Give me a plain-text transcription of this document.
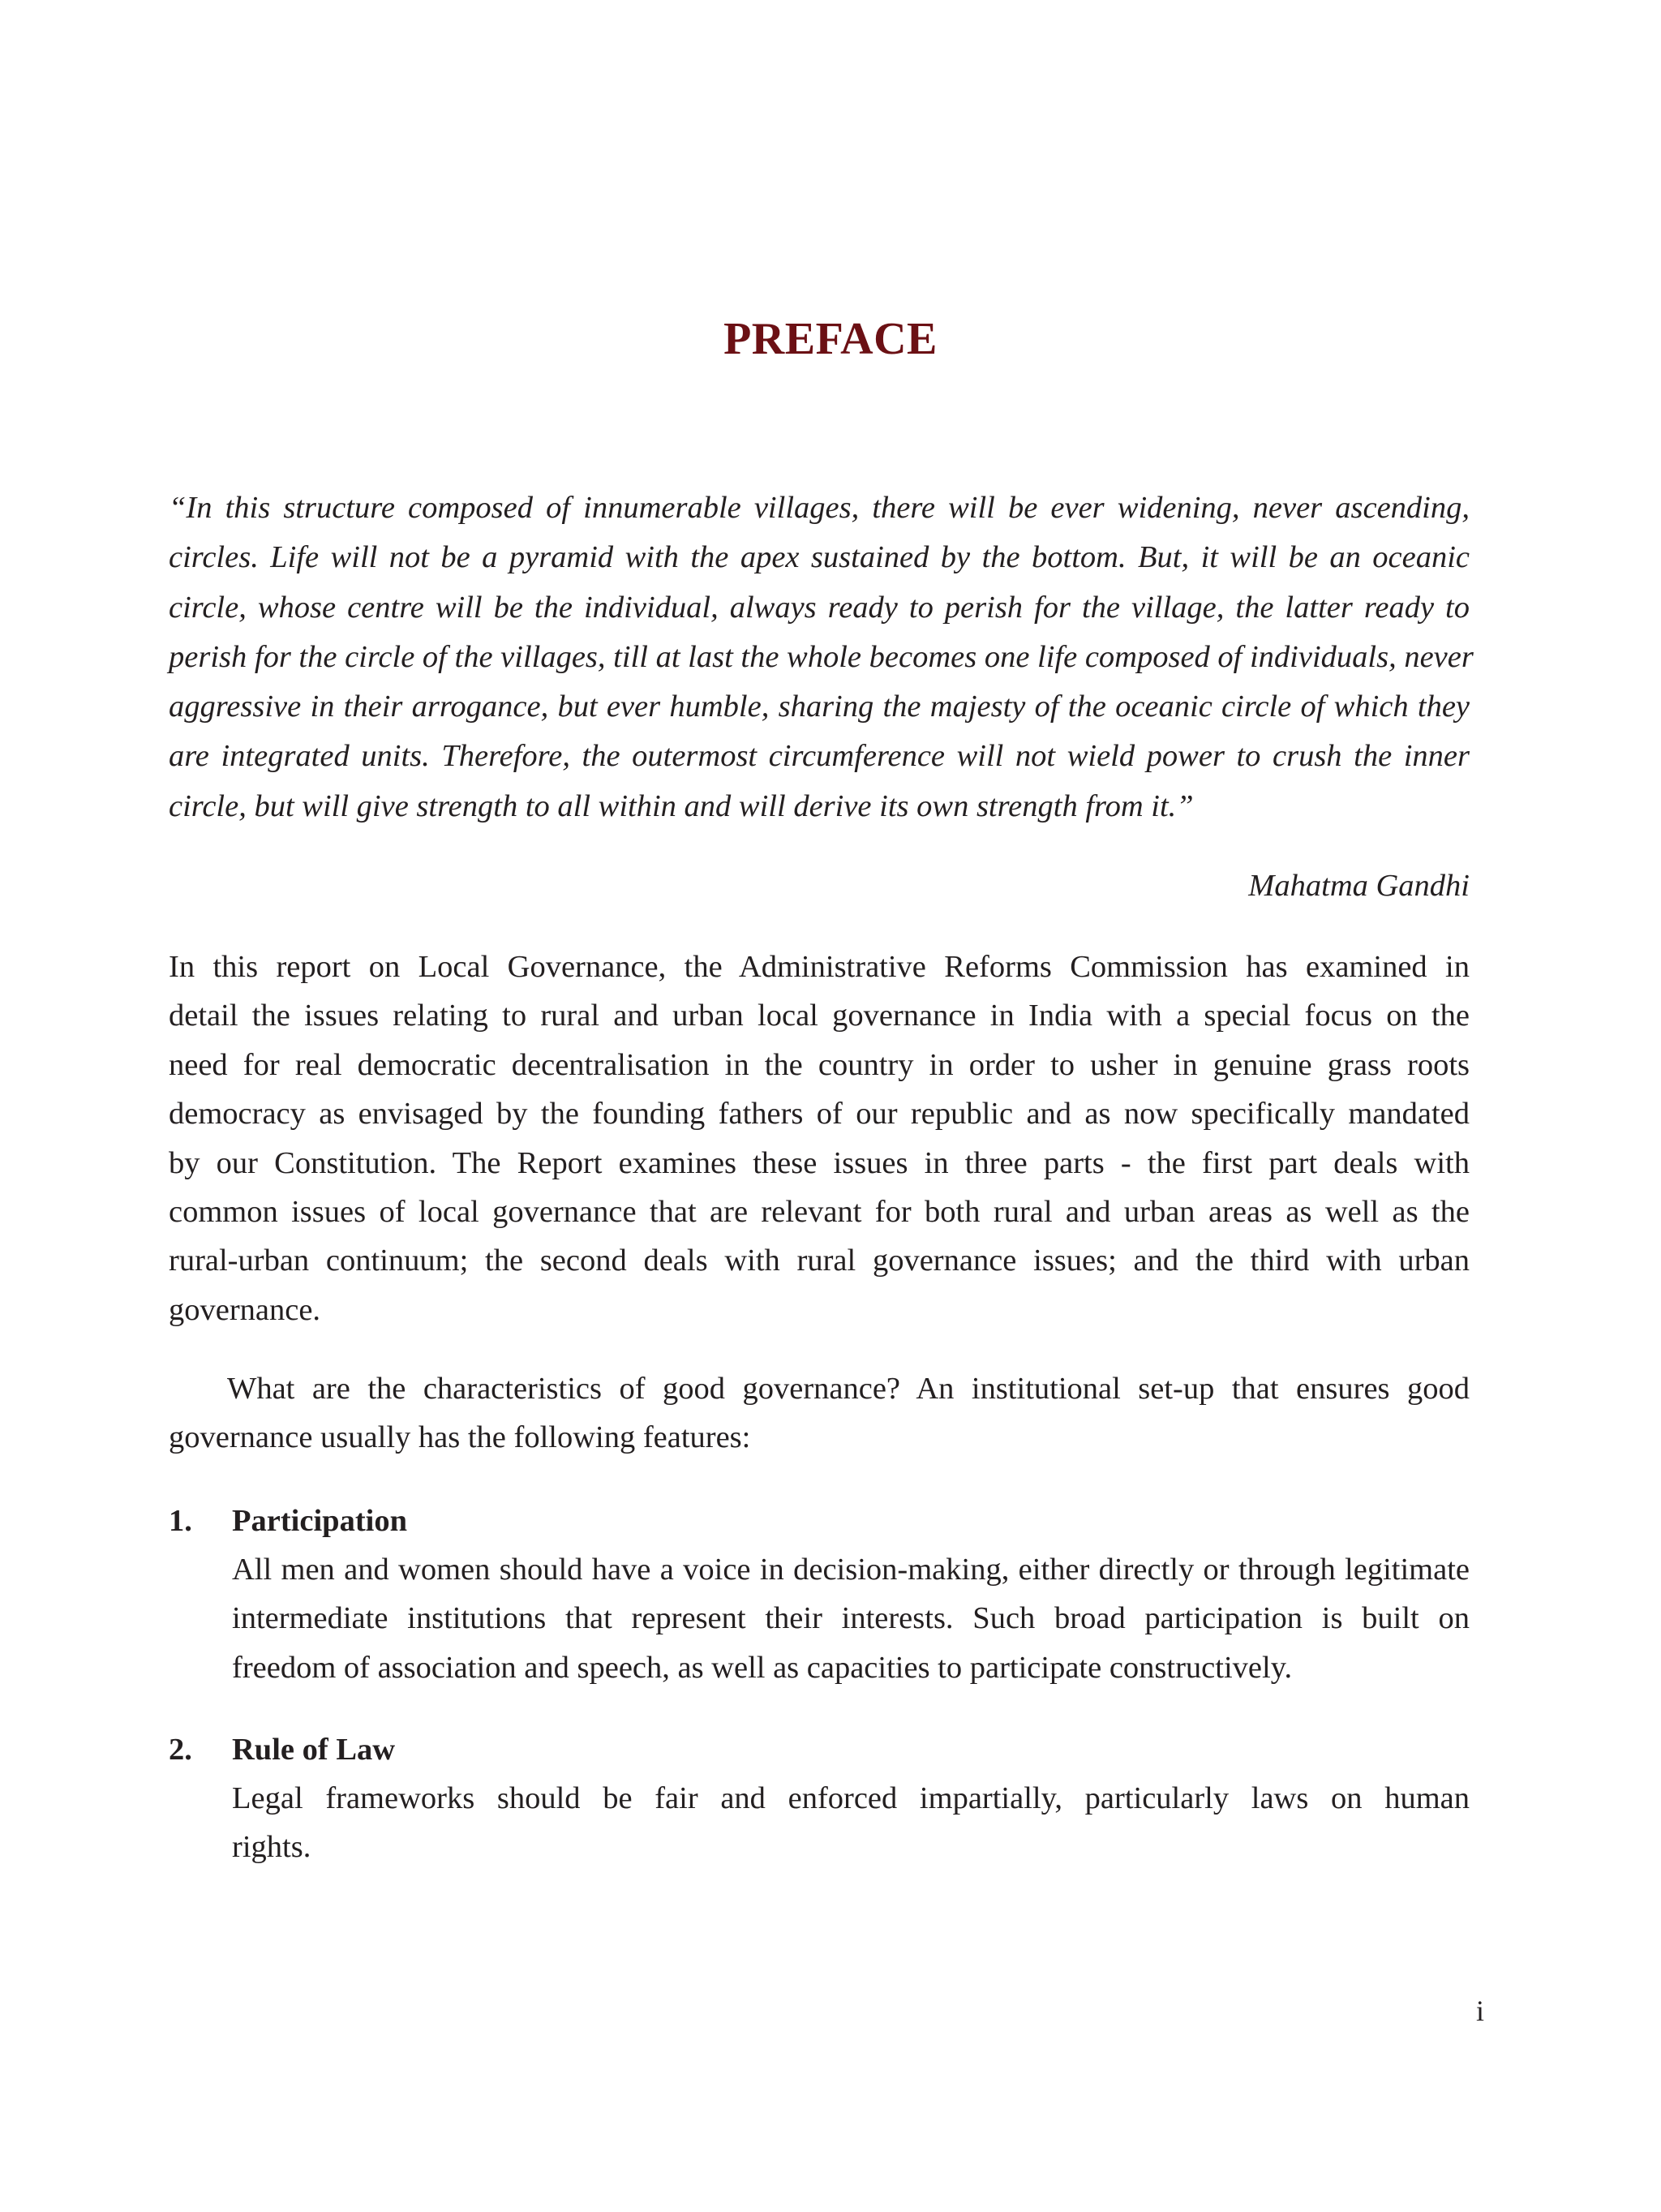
PREFACE
“In this structure composed of innumerable villages, there will be ever widening, never ascending,
circles. Life will not be a pyramid with the apex sustained by the bottom. But, it will be an oceanic
circle, whose centre will be the individual, always ready to perish for the village, the latter ready to
perish for the circle of the villages, till at last the whole becomes one life composed of individuals, never
aggressive in their arrogance, but ever humble, sharing the majesty of the oceanic circle of which they
are integrated units. Therefore, the outermost circumference will not wield power to crush the inner
circle, but will give strength to all within and will derive its own strength from it.”

Mahatma Gandhi

In this report on Local Governance, the Administrative Reforms Commission has examined in
detail the issues relating to rural and urban local governance in India with a special focus on the
need for real democratic decentralisation in the country in order to usher in genuine grass roots
democracy as envisaged by the founding fathers of our republic and as now specifically mandated
by our Constitution. The Report examines these issues in three parts - the first part deals with
common issues of local governance that are relevant for both rural and urban areas as well as the
rural-urban continuum; the second deals with rural governance issues; and the third with urban
governance.
What are the characteristics of good governance? An institutional set-up that ensures good
governance usually has the following features:
1. Participation
All men and women should have a voice in decision-making, either directly or through legitimate
intermediate institutions that represent their interests. Such broad participation is built on
freedom of association and speech, as well as capacities to participate constructively.
2. Rule of Law
Legal frameworks should be fair and enforced impartially, particularly laws on human
rights.

i
